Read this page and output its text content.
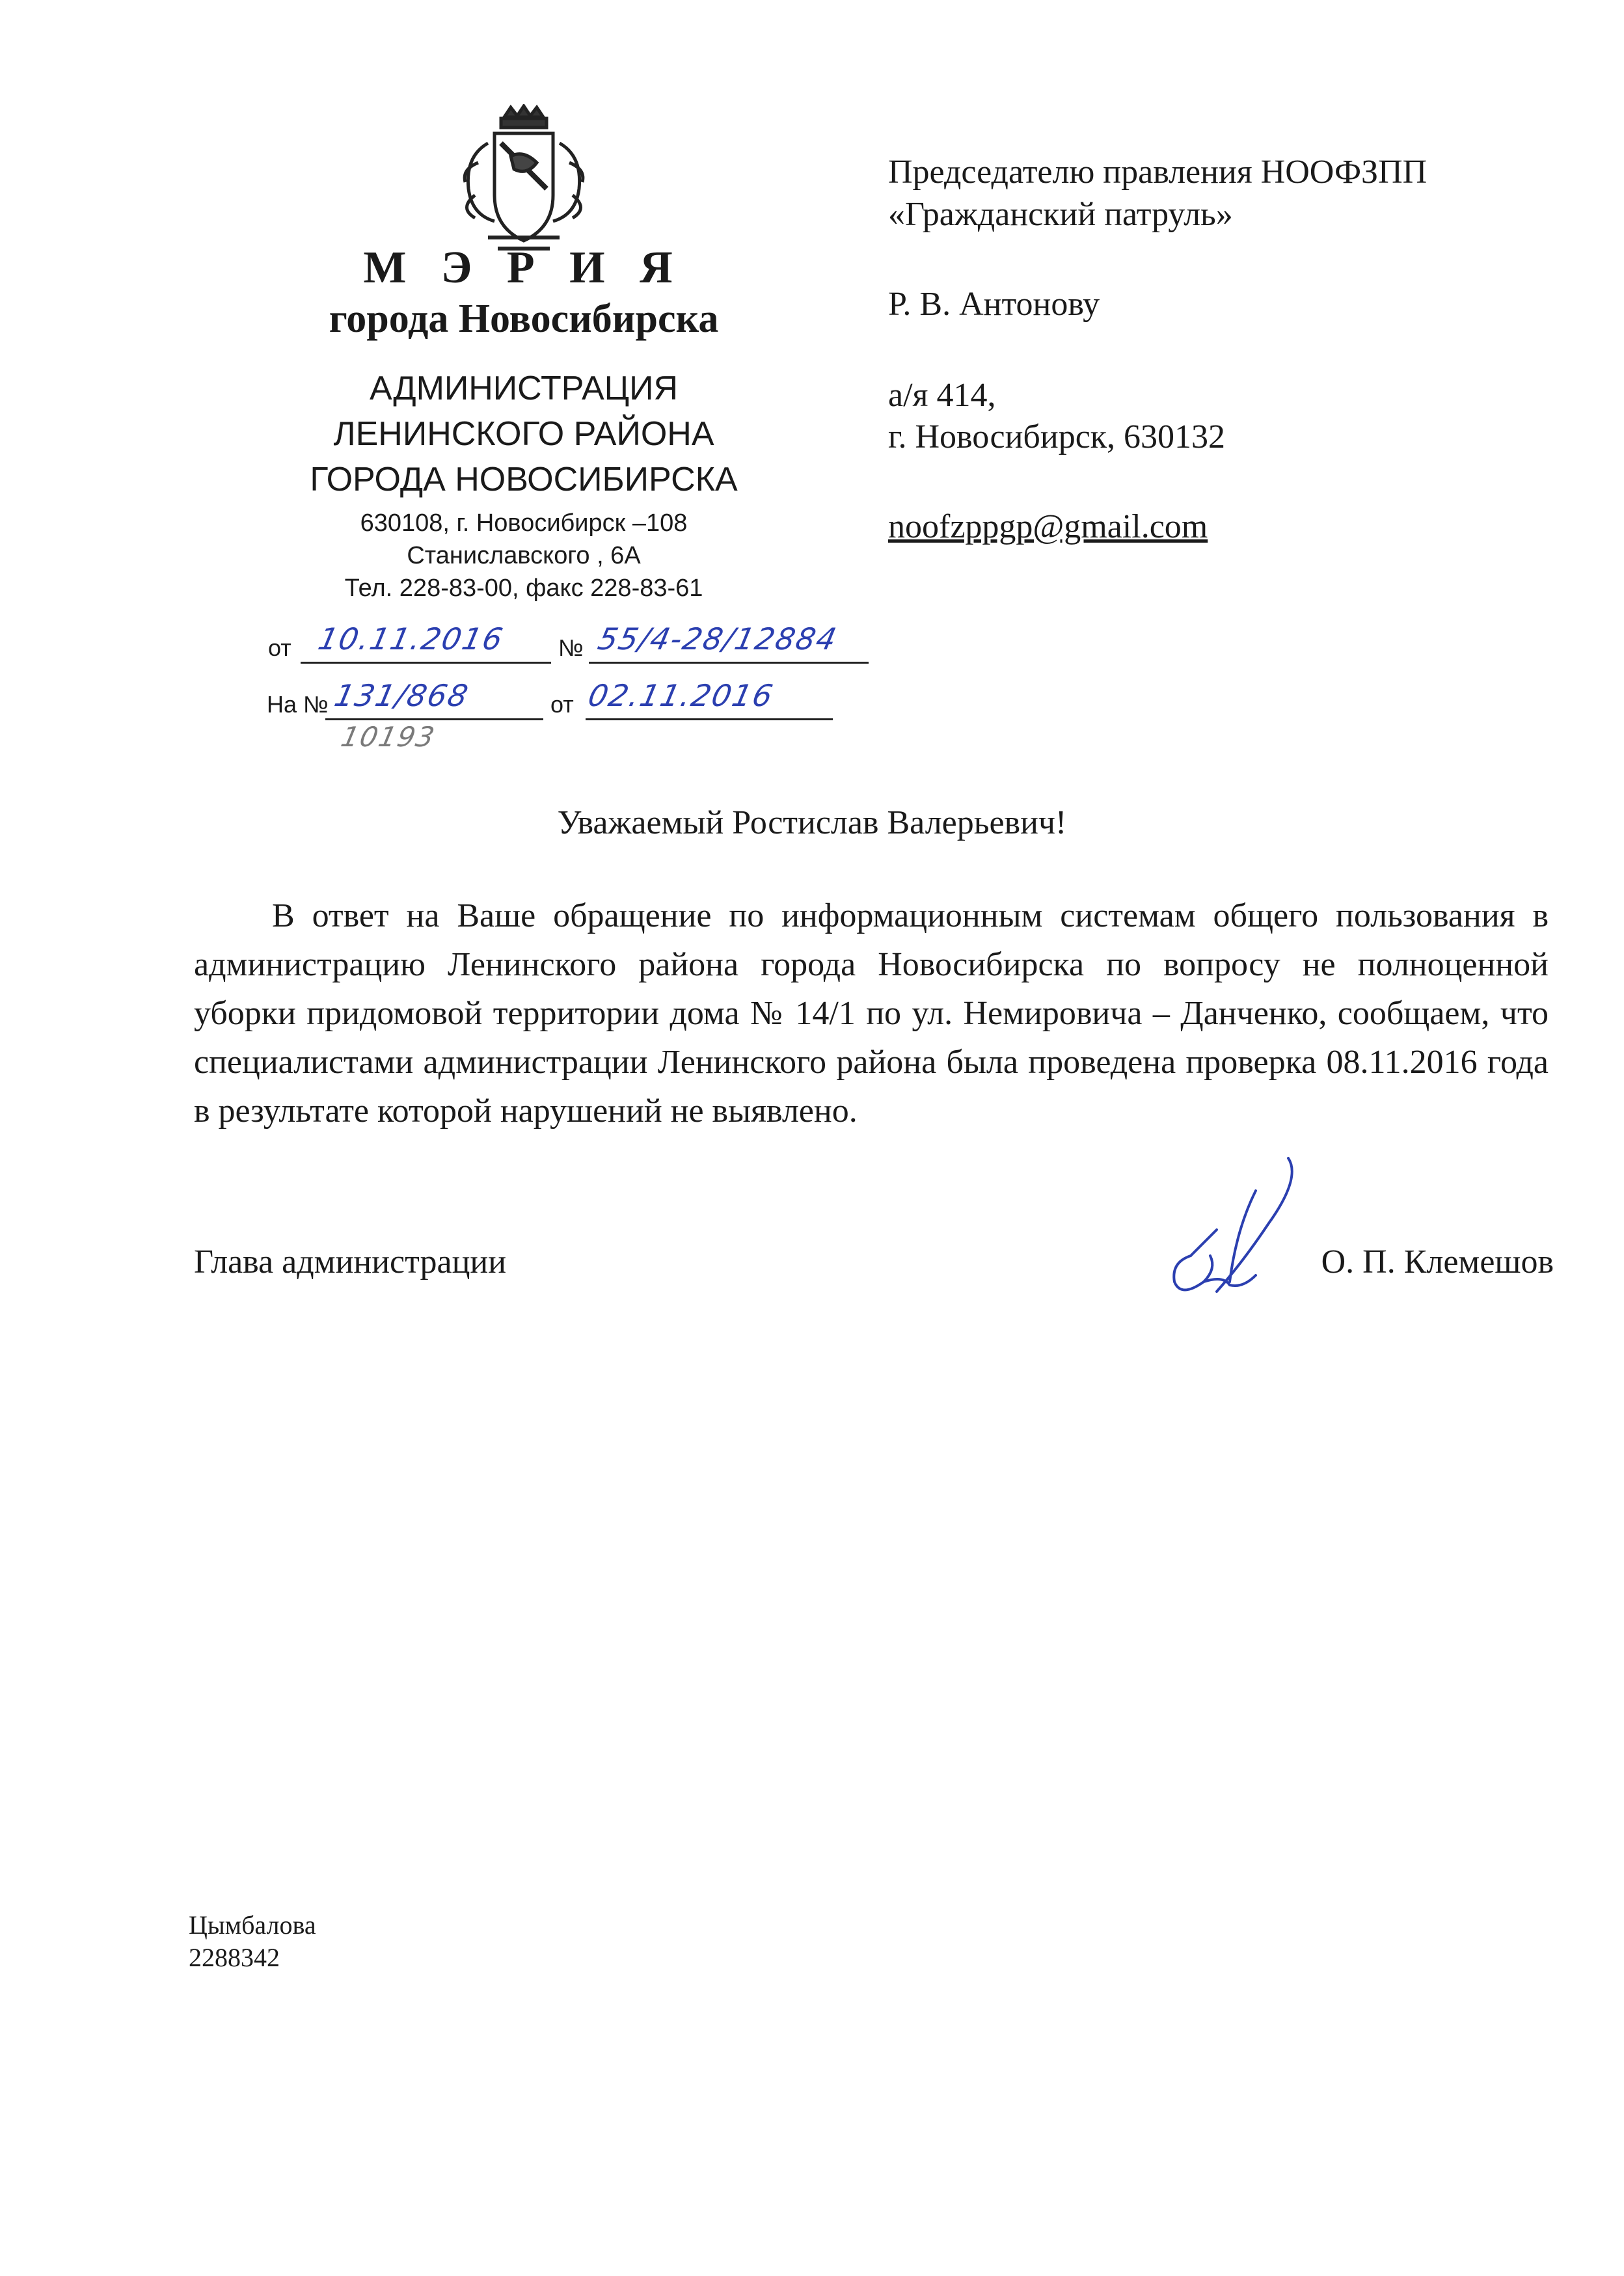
М Э Р И Я
города Новосибирска
АДМИНИСТРАЦИЯ
ЛЕНИНСКОГО РАЙОНА
ГОРОДА НОВОСИБИРСКА
630108, г. Новосибирск –108
Станиславского , 6А
Тел. 228-83-00, факс 228-83-61
от 10.11.2016 № 55/4-28/12884
На № 131/868	от 02.11.2016
10193
Председателю правления НООФЗПП
«Гражданский патруль»
Р. В. Антонову
а/я 414,
г. Новосибирск, 630132
noofzppgp@gmail.com
Уважаемый Ростислав Валерьевич!
В ответ на Ваше обращение по информационным системам общего пользования в администрацию Ленинского района города Новосибирска по вопросу не полноценной уборки придомовой территории дома № 14/1 по ул. Немировича – Данченко, сообщаем, что специалистами администрации Ленинского района была проведена проверка 08.11.2016 года в результате которой нарушений не выявлено.
Глава администрации	О. П. Клемешов
Цымбалова
2288342
